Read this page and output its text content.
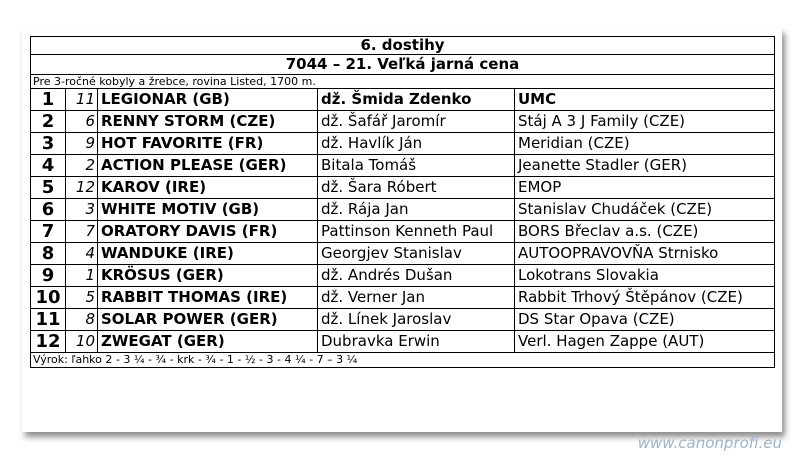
6. dostihy				
7044 – 21. Veľká jarná cena				
Pre 3-ročné kobyly a žrebce, rovina Listed, 1700 m.				
1	11	LEGIONAR (GB)	dž. Šmida Zdenko	UMC
2	6	RENNY STORM (CZE)	dž. Šafář Jaromír	Stáj A 3 J Family (CZE)
3	9	HOT FAVORITE (FR)	dž. Havlík Ján	Meridian (CZE)
4	2	ACTION PLEASE (GER)	Bitala Tomáš	Jeanette Stadler (GER)
5	12	KAROV (IRE)	dž. Šara Róbert	EMOP
6	3	WHITE MOTIV (GB)	dž. Rája Jan	Stanislav Chudáček (CZE)
7	7	ORATORY DAVIS (FR)	Pattinson Kenneth Paul	BORS Břeclav a.s. (CZE)
8	4	WANDUKE (IRE)	Georgjev Stanislav	AUTOOPRAVOVŇA Strnisko
9	1	KRÖSUS (GER)	dž. Andrés Dušan	Lokotrans Slovakia
10	5	RABBIT THOMAS (IRE)	dž. Verner Jan	Rabbit Trhový Štěpánov (CZE)
11	8	SOLAR POWER (GER)	dž. Línek Jaroslav	DS Star Opava (CZE)
12	10	ZWEGAT (GER)	Dubravka Erwin	Verl. Hagen Zappe (AUT)
Výrok: ľahko 2 - 3 ¼ - ¾ - krk - ¾ - 1 - ½ - 3 - 4 ¼ - 7 – 3 ¼				
www.canonprofi.eu
